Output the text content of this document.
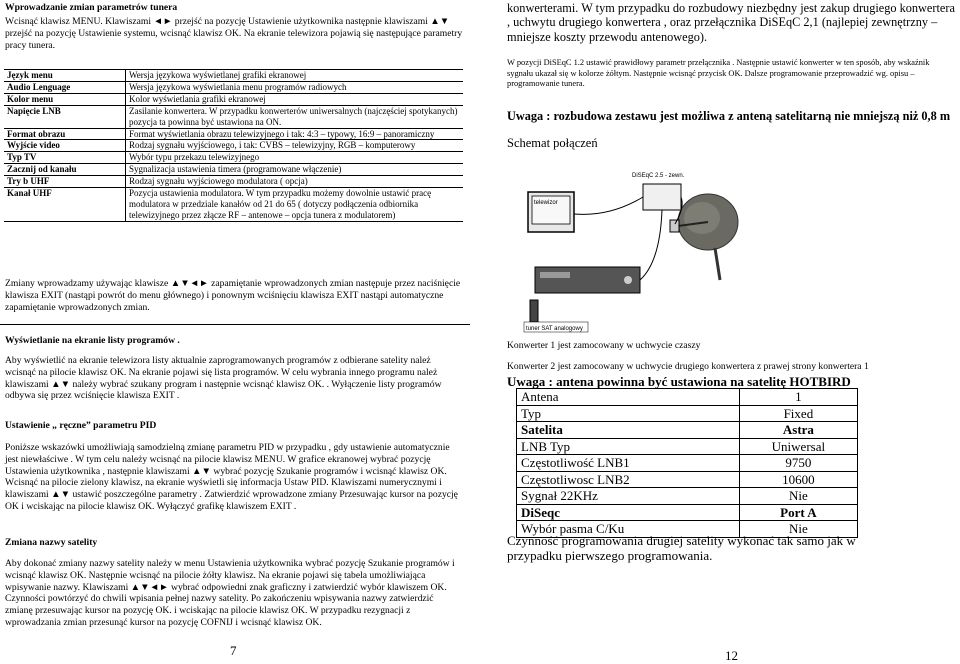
Wprowadzanie zmian parametrów tunera
Wcisnąć klawisz MENU. Klawiszami ◄► przejść na pozycję Ustawienie użytkownika następnie klawiszami ▲▼ przejść na pozycję Ustawienie systemu, wcisnąć klawisz OK. Na ekranie telewizora pojawią się następujące parametry pracy tunera.
Język menu	Wersja językowa wyświetlanej grafiki ekranowej
Audio Lenguage	Wersja językowa wyświetlania menu programów radiowych
Kolor menu	Kolor wyświetlania grafiki ekranowej
Napięcie LNB	Zasilanie konwertera. W przypadku konwerterów uniwersalnych (najczęściej spotykanych) pozycja ta powinna być ustawiona na ON.
Format obrazu	Format wyświetlania obrazu telewizyjnego i tak: 4:3 – typowy, 16:9 – panoramiczny
Wyjście video	Rodzaj sygnału wyjściowego, i tak: CVBS – telewizyjny, RGB – komputerowy
Typ TV	Wybór typu przekazu telewizyjnego
Zacznij od kanału	Sygnalizacja ustawienia timera (programowane włączenie)
Try b UHF	Rodzaj sygnału wyjściowego modulatora ( opcja)
Kanał UHF	Pozycja ustawienia modulatora. W tym przypadku możemy dowolnie ustawić pracę modulatora w przedziale kanałów od 21 do 65 ( dotyczy podłączenia odbiornika telewizyjnego przez złącze RF – antenowe – opcja tunera z modulatorem)
Zmiany wprowadzamy używając klawisze ▲▼◄► zapamiętanie wprowadzonych zmian następuje przez naciśnięcie klawisza EXIT (nastąpi powrót do menu głównego) i ponownym wciśnięciu klawisza EXIT nastąpi automatyczne zapamiętanie wprowadzonych zmian.
Wyświetlanie na ekranie listy programów .
Aby wyświetlić na ekranie telewizora listy aktualnie zaprogramowanych programów z odbierane satelity należ wcisnąć na pilocie klawisz OK. Na ekranie pojawi się lista programów. W celu wybrania innego programu należ klawiszami ▲▼ należy wybrać szukany program i następnie wcisnąć klawisz OK. . Wyłączenie listy programów odbywa się przez wciśnięcie klawisza EXIT .
Ustawienie „ ręczne” parametru PID
Poniższe wskazówki umożliwiają samodzielną zmianę parametru PID w przypadku , gdy ustawienie automatycznie jest niewłaściwe . W tym celu należy wcisnąć na pilocie klawisz MENU. W grafice ekranowej wybrać pozycję Ustawienia użytkownika , następnie klawiszami ▲▼ wybrać pozycję Szukanie programów i wcisnąć klawisz OK. Wcisnąć na pilocie zielony klawisz, na ekranie wyświetli się informacja Ustaw PID. Klawiszami numerycznymi i klawiszami ▲▼ ustawić poszczególne parametry . Zatwierdzić wprowadzone zmiany Przesuwając kursor na pozycję OK i wciskając na pilocie klawisz OK. Wyłączyć grafikę klawiszem EXIT .
Zmiana nazwy satelity
Aby dokonać zmiany nazwy satelity należy w menu Ustawienia użytkownika wybrać pozycję Szukanie programów i wcisnąć klawisz OK. Następnie wcisnąć na pilocie żółty klawisz. Na ekranie pojawi się tabela umożliwiająca wpisywanie nazwy. Klawiszami ▲▼◄► wybrać odpowiedni znak graficzny i zatwierdzić wybór klawiszem OK. Czynności powtórzyć do chwili wpisania pełnej nazwy satelity. Po zakończeniu wpisywania nazwy zatwierdzić zmianę przesuwając kursor na pozycję OK. i wciskając na pilocie klawisz OK. W przypadku rezygnacji z wprowadzania zmian przesunąć kursor na pozycję COFNIJ i wcisnąć klawisz OK.
7
konwerterami. W tym przypadku do rozbudowy niezbędny jest zakup drugiego konwertera , uchwytu drugiego konwertera , oraz przełącznika DiSEqC 2,1 (najlepiej zewnętrzny – mniejsze koszty przewodu antenowego).
W pozycji DiSEqC 1.2 ustawić prawidłowy parametr przełącznika . Następnie ustawić konwerter w ten sposób, aby wskaźnik sygnału ukazał się w kolorze żółtym. Następnie wcisnąć przycisk OK. Dalsze programowanie przeprowadzić wg. opisu – programowanie tunera.
Uwaga : rozbudowa zestawu jest możliwa z anteną satelitarną nie mniejszą niż 0,8 m
Schemat połączeń
telewizor
DiSEqC 2.5 - zewn.
tuner SAT analogowy
Konwerter 1 jest zamocowany w uchwycie czaszy
Konwerter 2 jest zamocowany w uchwycie drugiego konwertera z prawej strony konwertera 1
Uwaga : antena powinna być ustawiona na satelitę HOTBIRD
Antena	1
Typ	Fixed
Satelita	Astra
LNB Typ	Uniwersal
Częstotliwość LNB1	9750
Częstotliwosc LNB2	10600
Sygnał 22KHz	Nie
DiSeqc	Port A
Wybór pasma C/Ku	Nie
Czynność programowania drugiej satelity wykonać tak samo jak w przypadku pierwszego programowania.
12
